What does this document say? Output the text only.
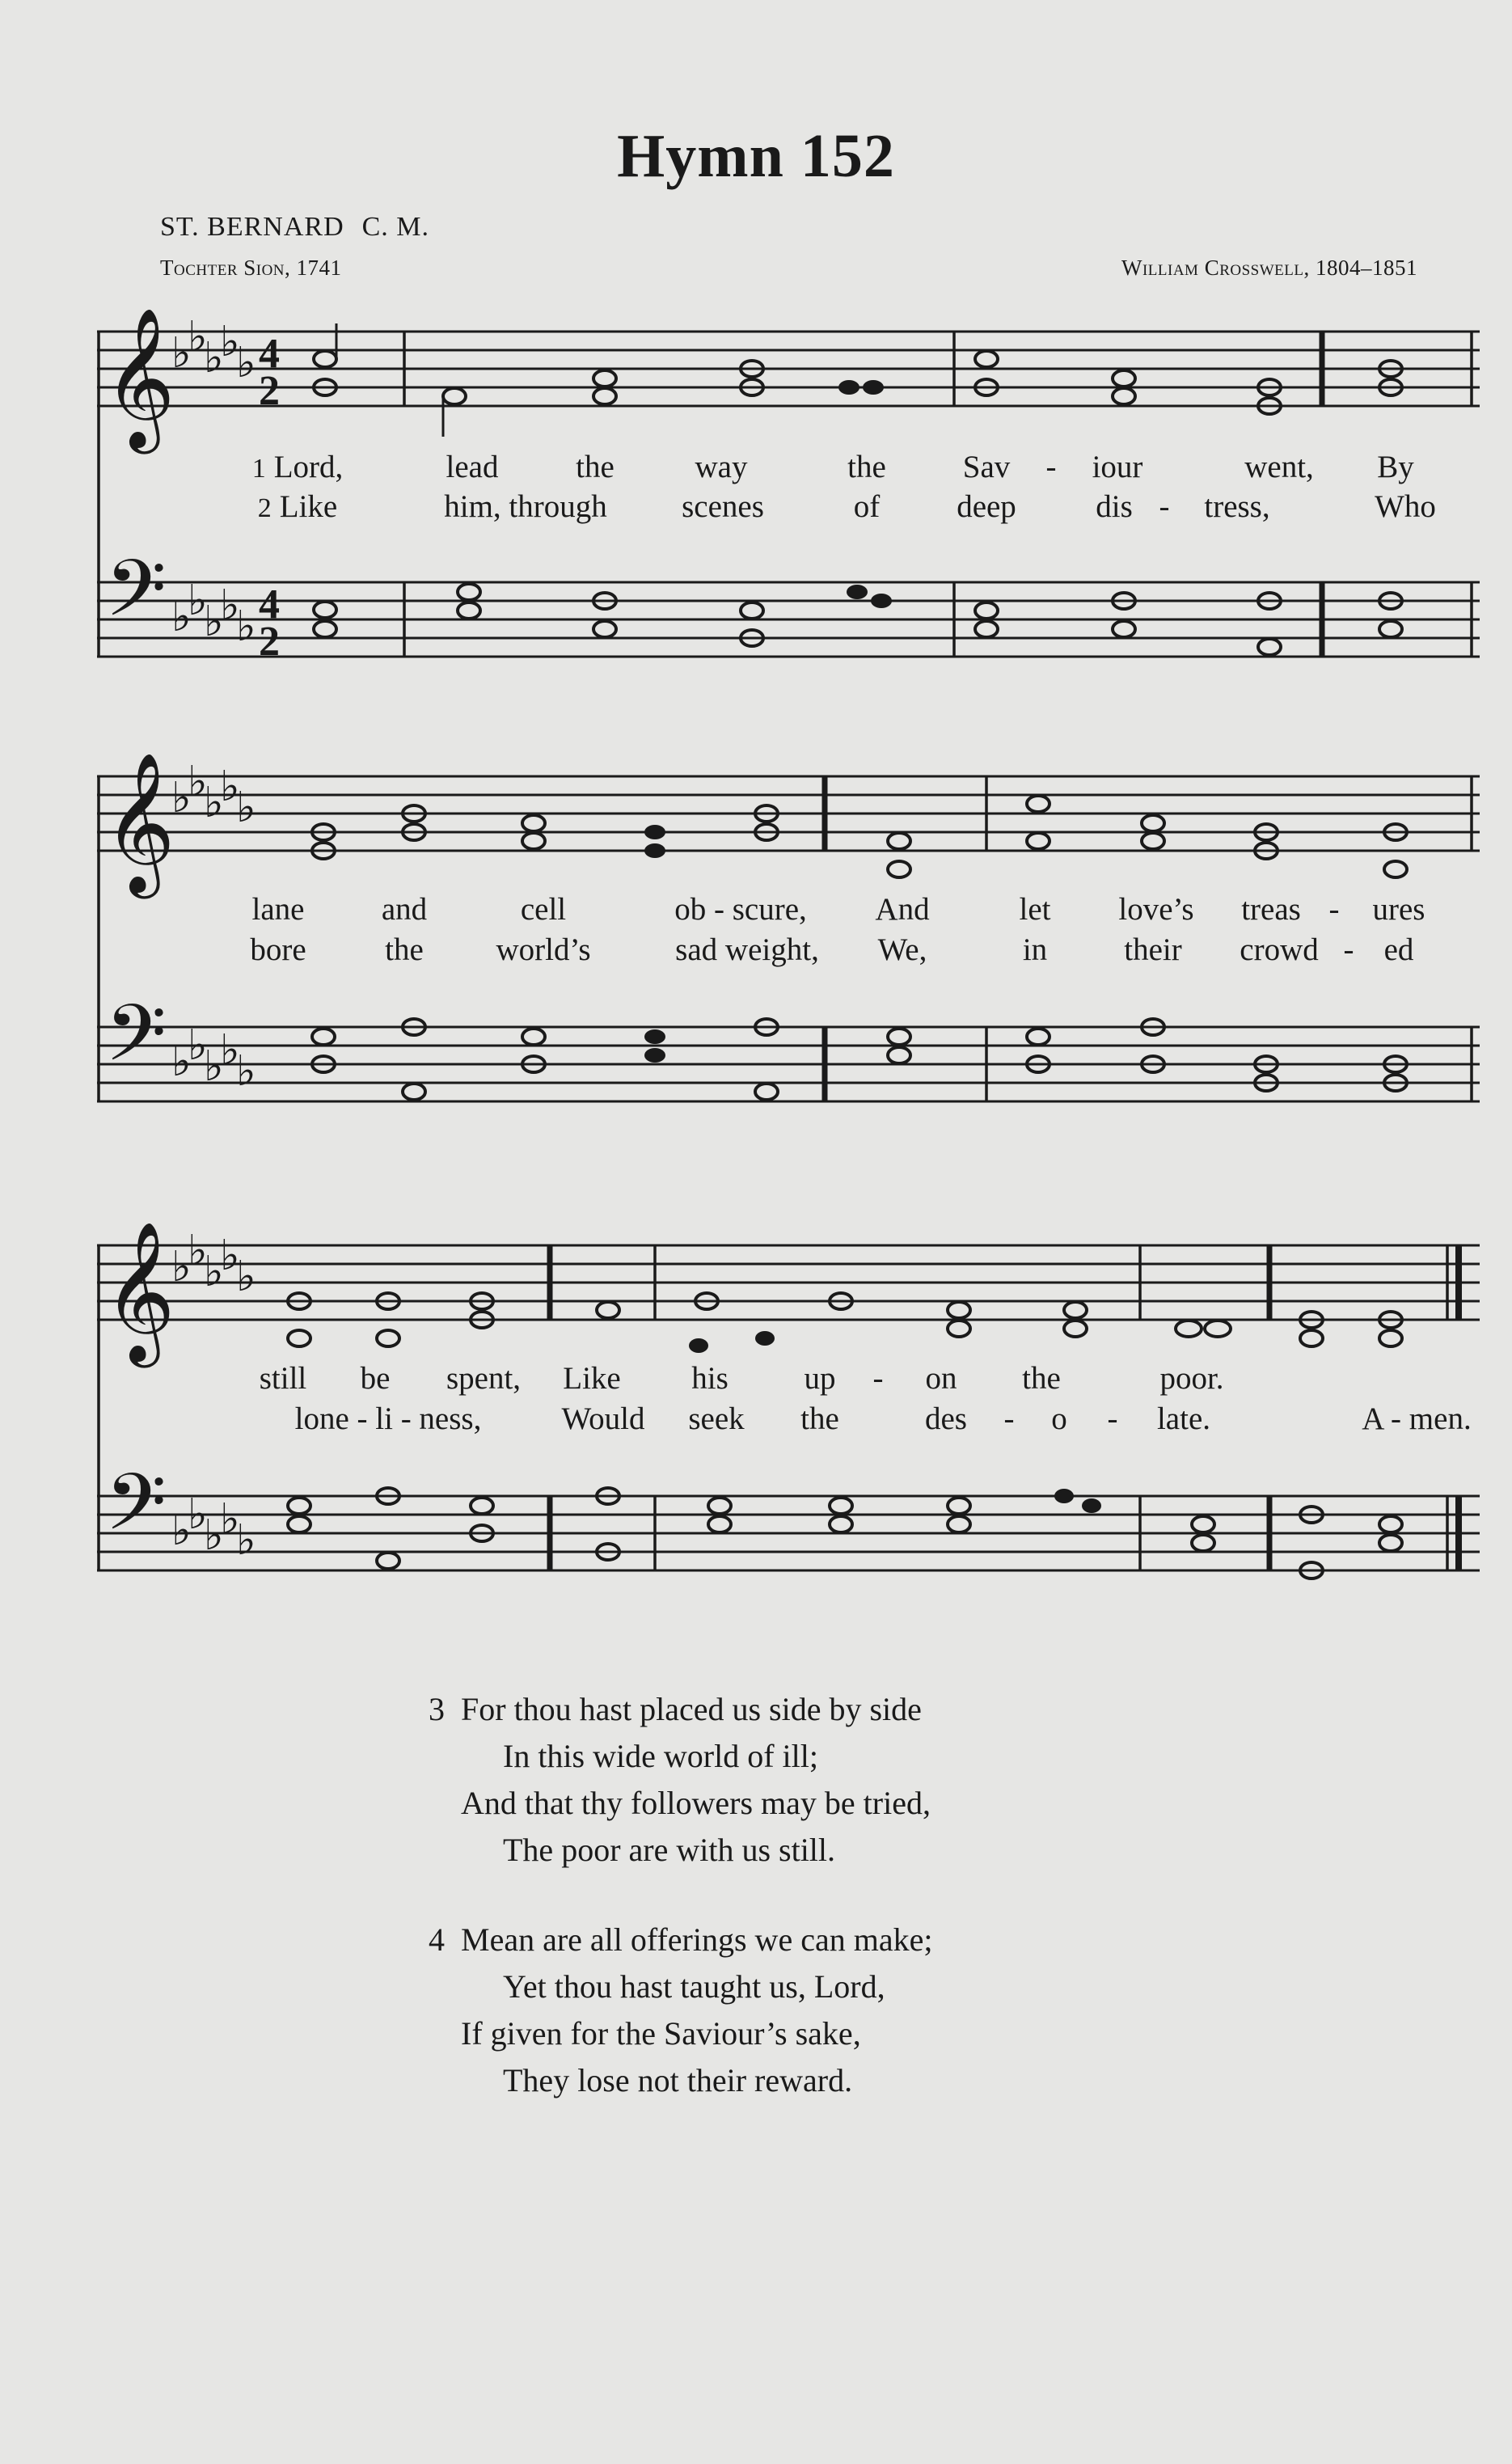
Hymn 152
ST. BERNARD C. M.
Tochter Sion, 1741	William Crosswell, 1804–1851
𝄞
𝄢
♭
♭
♭
♭
♭
♭
♭
♭
♭
♭
4
2
4
2
1 Lord,	lead the	way	the Sav - iour	went, By
2 Like	him, through scenes	of deep	dis - tress,	Who
𝄞
𝄢
♭
♭
♭
♭
♭
♭
♭
♭
♭
♭
lane and	cell	ob - scure, And	let love’s treas - ures
bore	the world’s	sad weight, We,	in their crowd - ed
𝄞
𝄢
♭
♭
♭
♭
♭
♭
♭
♭
♭
♭
still be spent, Like his up - on the	poor.
lone - li - ness,	Would seek the	des - o - late.	A - men.
3 For thou hast placed us side by side
In this wide world of ill;
And that thy followers may be tried,
The poor are with us still.
4 Mean are all offerings we can make;
Yet thou hast taught us, Lord,
If given for the Saviour’s sake,
They lose not their reward.
